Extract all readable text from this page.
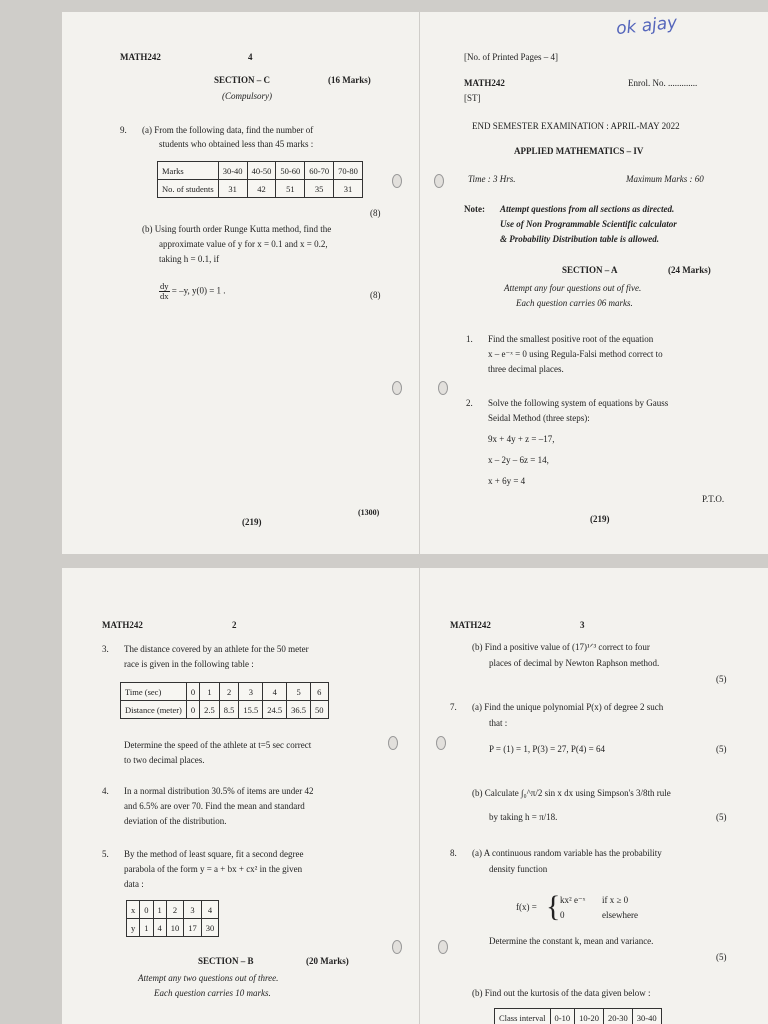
MATH242	4
SECTION – C	(16 Marks)
(Compulsory)
9. (a) From the following data, find the number of
students who obtained less than 45 marks :
Marks	30-40	40-50	50-60	60-70	70-80
No. of students	31	42	51	35	31
(8)
(b) Using fourth order Runge Kutta method, find the
approximate value of y for x = 0.1 and x = 0.2,
taking h = 0.1, if
$\frac{dy}{dx} = -y$, y(0) = 1 .	(8)
(1300)
(219)
ok ajay
[No. of Printed Pages – 4]
MATH242	Enrol. No. .............
[ST]
END SEMESTER EXAMINATION : APRIL-MAY 2022
APPLIED MATHEMATICS – IV
Time : 3 Hrs.	Maximum Marks : 60
Note: Attempt questions from all sections as directed.
Use of Non Programmable Scientific calculator
& Probability Distribution table is allowed.
SECTION – A	(24 Marks)
Attempt any four questions out of five.
Each question carries 06 marks.
1. Find the smallest positive root of the equation
x – e⁻ˣ = 0 using Regula-Falsi method correct to
three decimal places.
2. Solve the following system of equations by Gauss
Seidal Method (three steps):
9x + 4y + z = –17,
x – 2y – 6z = 14,
x + 6y = 4
P.T.O.
(219)
MATH242	2
3. The distance covered by an athlete for the 50 meter
race is given in the following table :
Time (sec)	0	1	2	3	4	5	6
Distance (meter)	0	2.5	8.5	15.5	24.5	36.5	50
Determine the speed of the athlete at t=5 sec correct
to two decimal places.
4. In a normal distribution 30.5% of items are under 42
and 6.5% are over 70. Find the mean and standard
deviation of the distribution.
5. By the method of least square, fit a second degree
parabola of the form y = a + bx + cx² in the given
data :
x	0	1	2	3	4
y	1	4	10	17	30
SECTION – B	(20 Marks)
Attempt any two questions out of three.
Each question carries 10 marks.
MATH242	3
(b) Find a positive value of (17)¹ᐟ³ correct to four
places of decimal by Newton Raphson method.
(5)
7. (a) Find the unique polynomial P(x) of degree 2 such
that :
P = (1) = 1, P(3) = 27, P(4) = 64	(5)
(b) Calculate ∫₀^π/2 sin x dx using Simpson's 3/8th rule
by taking h = π/18.	(5)
8. (a) A continuous random variable has the probability
density function
f(x) = { kx² e⁻ˣ if x ≥ 0
0	elsewhere
Determine the constant k, mean and variance.
(5)
(b) Find out the kurtosis of the data given below :
Class interval	0-10	10-20	20-30	30-40
